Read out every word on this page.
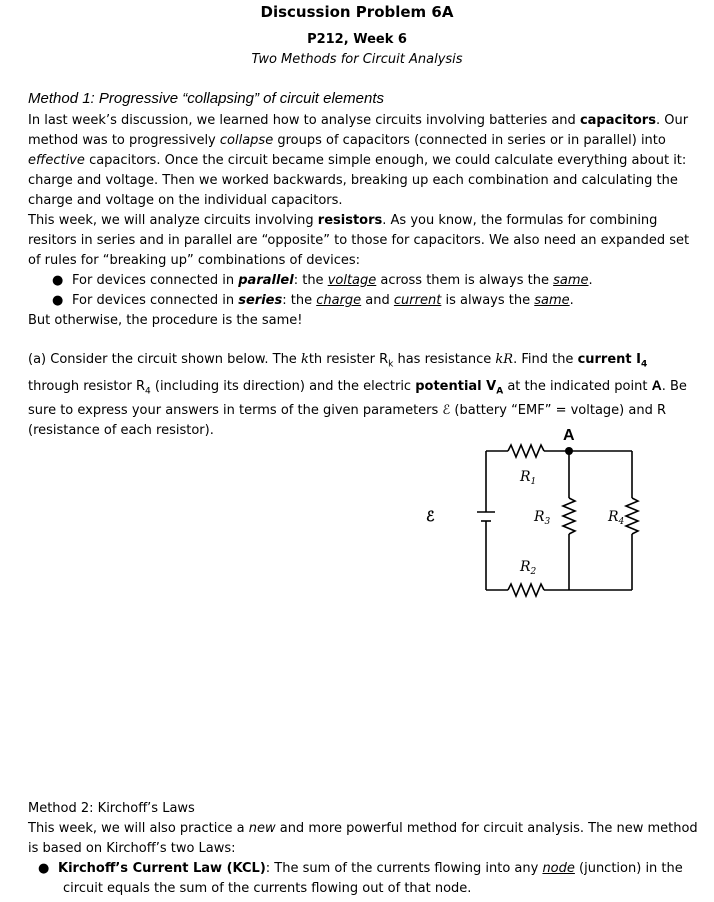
Discussion Problem 6A
P212, Week 6
Two Methods for Circuit Analysis
Method 1: Progressive “collapsing” of circuit elements
In last week’s discussion, we learned how to analyse circuits involving batteries and capacitors. Our
method was to progressively collapse groups of capacitors (connected in series or in parallel) into
effective capacitors. Once the circuit became simple enough, we could calculate everything about it:
charge and voltage. Then we worked backwards, breaking up each combination and calculating the
charge and voltage on the individual capacitors.
This week, we will analyze circuits involving resistors. As you know, the formulas for combining
resitors in series and in parallel are “opposite” to those for capacitors. We also need an expanded set
of rules for “breaking up” combinations of devices:
● For devices connected in parallel: the voltage across them is always the same.
● For devices connected in series: the charge and current is always the same.
But otherwise, the procedure is the same!
(a) Consider the circuit shown below. The kth resister $R_k$ has resistance kR. Find the current $I_4$
through resistor $R_4$ (including its direction) and the electric potential $V_A$ at the indicated point A. Be
sure to express your answers in terms of the given parameters ℰ (battery “EMF” = voltage) and R
(resistance of each resistor).	A
ℰ
$R_1$
$R_2$
$R_3$	$R_4$
Method 2: Kirchoff’s Laws
This week, we will also practice a new and more powerful method for circuit analysis. The new method
is based on Kirchoff’s two Laws:
● Kirchoff’s Current Law (KCL): The sum of the currents flowing into any node (junction) in the
circuit equals the sum of the currents flowing out of that node.
